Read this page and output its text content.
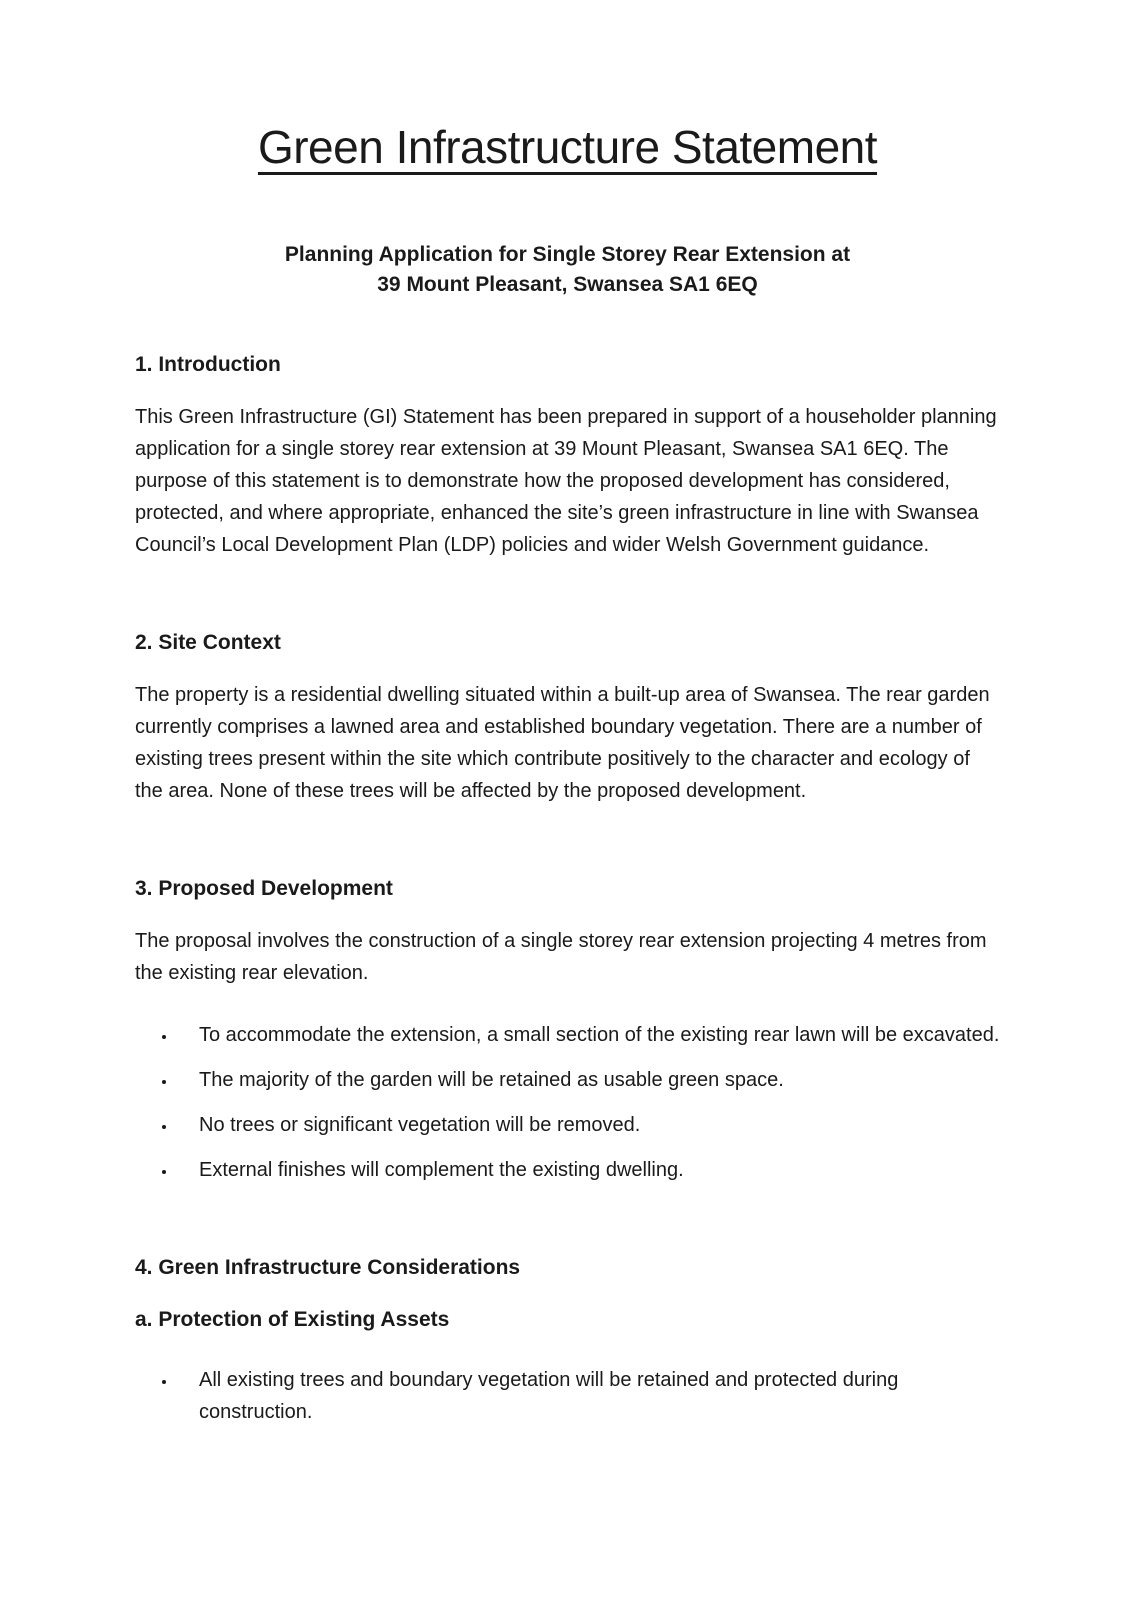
Green Infrastructure Statement

Planning Application for Single Storey Rear Extension at
39 Mount Pleasant, Swansea SA1 6EQ

1. Introduction

This Green Infrastructure (GI) Statement has been prepared in support of a householder planning application for a single storey rear extension at 39 Mount Pleasant, Swansea SA1 6EQ. The purpose of this statement is to demonstrate how the proposed development has considered, protected, and where appropriate, enhanced the site’s green infrastructure in line with Swansea Council’s Local Development Plan (LDP) policies and wider Welsh Government guidance.

2. Site Context

The property is a residential dwelling situated within a built-up area of Swansea. The rear garden currently comprises a lawned area and established boundary vegetation. There are a number of existing trees present within the site which contribute positively to the character and ecology of the area. None of these trees will be affected by the proposed development.

3. Proposed Development

The proposal involves the construction of a single storey rear extension projecting 4 metres from the existing rear elevation.

• To accommodate the extension, a small section of the existing rear lawn will be excavated.
• The majority of the garden will be retained as usable green space.
• No trees or significant vegetation will be removed.
• External finishes will complement the existing dwelling.
4. Green Infrastructure Considerations
a. Protection of Existing Assets
• All existing trees and boundary vegetation will be retained and protected during construction.
